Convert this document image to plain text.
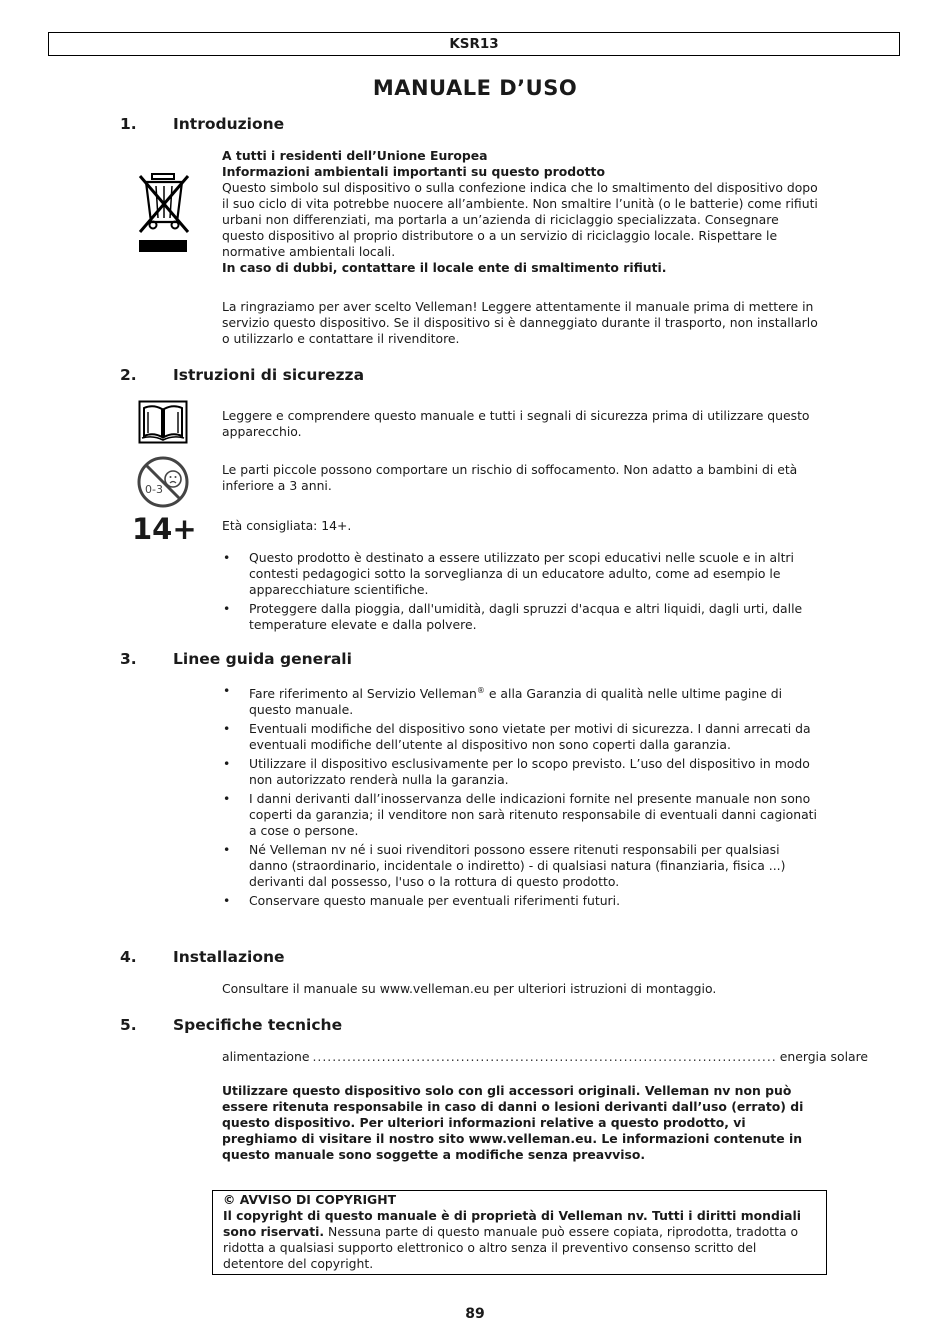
KSR13
MANUALE D’USO
1. Introduzione
A tutti i residenti dell’Unione Europea
Informazioni ambientali importanti su questo prodotto
Questo simbolo sul dispositivo o sulla confezione indica che lo smaltimento del dispositivo dopo il suo ciclo di vita potrebbe nuocere all’ambiente. Non smaltire l’unità (o le batterie) come rifiuti urbani non differenziati, ma portarla a un’azienda di riciclaggio specializzata. Consegnare questo dispositivo al proprio distributore o a un servizio di riciclaggio locale. Rispettare le normative ambientali locali.
In caso di dubbi, contattare il locale ente di smaltimento rifiuti.
La ringraziamo per aver scelto Velleman! Leggere attentamente il manuale prima di mettere in servizio questo dispositivo. Se il dispositivo si è danneggiato durante il trasporto, non installarlo o utilizzarlo e contattare il rivenditore.
2. Istruzioni di sicurezza
Leggere e comprendere questo manuale e tutti i segnali di sicurezza prima di utilizzare questo apparecchio.
0-3
Le parti piccole possono comportare un rischio di soffocamento. Non adatto a bambini di età inferiore a 3 anni.
14+ Età consigliata: 14+.
• Questo prodotto è destinato a essere utilizzato per scopi educativi nelle scuole e in altri contesti pedagogici sotto la sorveglianza di un educatore adulto, come ad esempio le apparecchiature scientifiche.
• Proteggere dalla pioggia, dall'umidità, dagli spruzzi d'acqua e altri liquidi, dagli urti, dalle temperature elevate e dalla polvere.
3. Linee guida generali
• Fare riferimento al Servizio Velleman® e alla Garanzia di qualità nelle ultime pagine di questo manuale.
• Eventuali modifiche del dispositivo sono vietate per motivi di sicurezza. I danni arrecati da eventuali modifiche dell’utente al dispositivo non sono coperti dalla garanzia.
• Utilizzare il dispositivo esclusivamente per lo scopo previsto. L’uso del dispositivo in modo non autorizzato renderà nulla la garanzia.
• I danni derivanti dall’inosservanza delle indicazioni fornite nel presente manuale non sono coperti da garanzia; il venditore non sarà ritenuto responsabile di eventuali danni cagionati a cose o persone.
• Né Velleman nv né i suoi rivenditori possono essere ritenuti responsabili per qualsiasi danno (straordinario, incidentale o indiretto) - di qualsiasi natura (finanziaria, fisica ...) derivanti dal possesso, l'uso o la rottura di questo prodotto.
• Conservare questo manuale per eventuali riferimenti futuri.
4. Installazione
Consultare il manuale su www.velleman.eu per ulteriori istruzioni di montaggio.
5. Specifiche tecniche
alimentazione .............................................................................................. energia solare
Utilizzare questo dispositivo solo con gli accessori originali. Velleman nv non può essere ritenuta responsabile in caso di danni o lesioni derivanti dall’uso (errato) di questo dispositivo. Per ulteriori informazioni relative a questo prodotto, vi preghiamo di visitare il nostro sito www.velleman.eu. Le informazioni contenute in questo manuale sono soggette a modifiche senza preavviso.
© AVVISO DI COPYRIGHT
Il copyright di questo manuale è di proprietà di Velleman nv. Tutti i diritti mondiali sono riservati. Nessuna parte di questo manuale può essere copiata, riprodotta, tradotta o ridotta a qualsiasi supporto elettronico o altro senza il preventivo consenso scritto del detentore del copyright.
89
